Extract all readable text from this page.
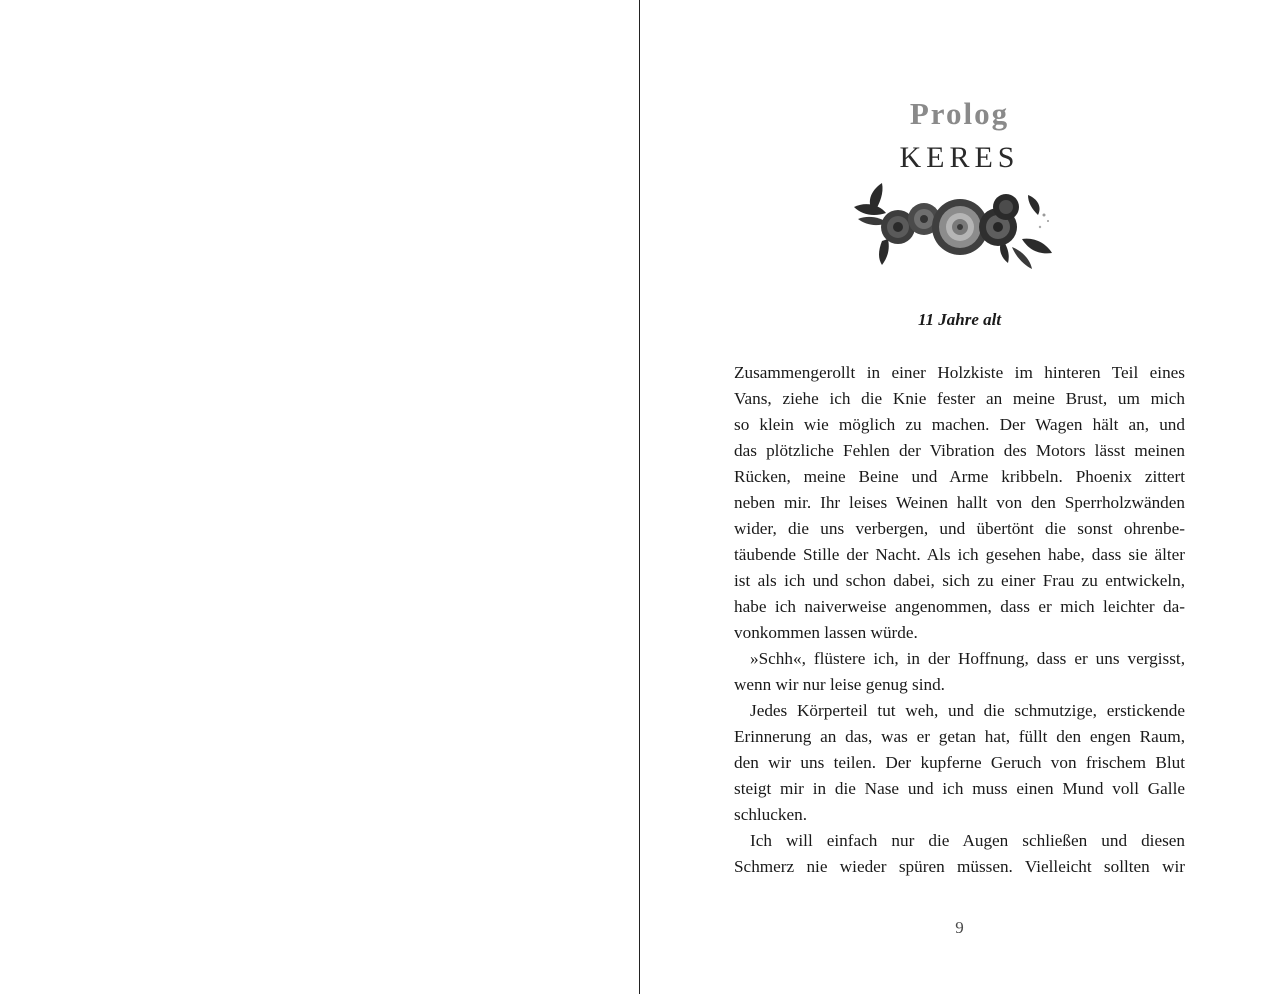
Prolog
KERES
11 Jahre alt

Zusammengerollt in einer Holzkiste im hinteren Teil eines
Vans, ziehe ich die Knie fester an meine Brust, um mich
so klein wie möglich zu machen. Der Wagen hält an, und
das plötzliche Fehlen der Vibration des Motors lässt meinen
Rücken, meine Beine und Arme kribbeln. Phoenix zittert
neben mir. Ihr leises Weinen hallt von den Sperrholzwänden
wider, die uns verbergen, und übertönt die sonst ohrenbe-
täubende Stille der Nacht. Als ich gesehen habe, dass sie älter
ist als ich und schon dabei, sich zu einer Frau zu entwickeln,
habe ich naiverweise angenommen, dass er mich leichter da-
vonkommen lassen würde.

»Schh«, flüstere ich, in der Hoffnung, dass er uns vergisst,
wenn wir nur leise genug sind.

Jedes Körperteil tut weh, und die schmutzige, erstickende
Erinnerung an das, was er getan hat, füllt den engen Raum,
den wir uns teilen. Der kupferne Geruch von frischem Blut
steigt mir in die Nase und ich muss einen Mund voll Galle
schlucken.

Ich will einfach nur die Augen schließen und diesen
Schmerz nie wieder spüren müssen. Vielleicht sollten wir

9
